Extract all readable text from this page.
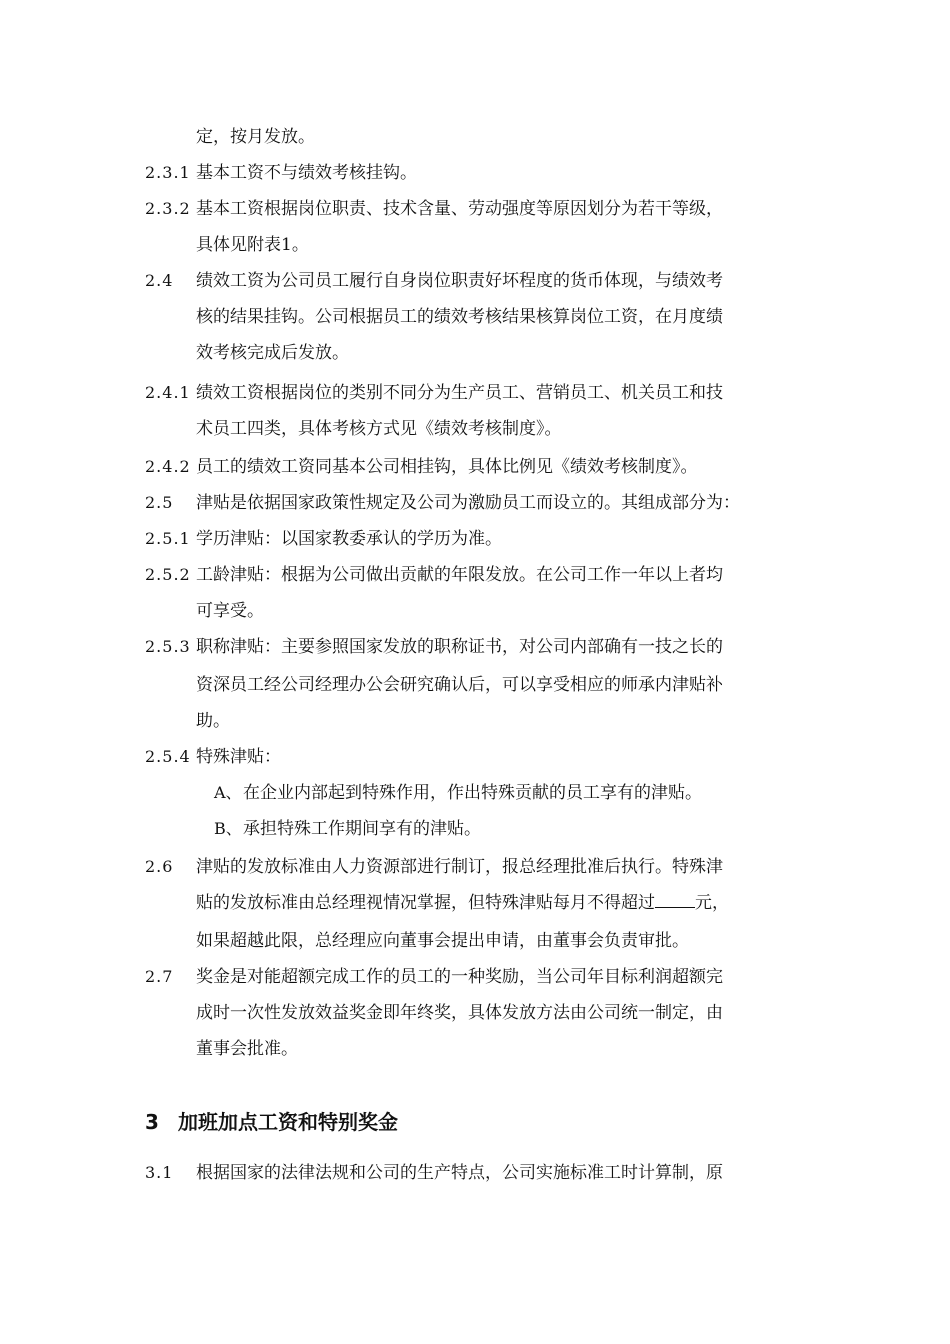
定，按月发放。
2.3.1 基本工资不与绩效考核挂钩。
2.3.2 基本工资根据岗位职责、技术含量、劳动强度等原因划分为若干等级，
具体见附表1。
2.4 绩效工资为公司员工履行自身岗位职责好坏程度的货币体现，与绩效考
核的结果挂钩。公司根据员工的绩效考核结果核算岗位工资，在月度绩
效考核完成后发放。
2.4.1 绩效工资根据岗位的类别不同分为生产员工、营销员工、机关员工和技
术员工四类，具体考核方式见《绩效考核制度》。
2.4.2 员工的绩效工资同基本公司相挂钩，具体比例见《绩效考核制度》。
2.5 津贴是依据国家政策性规定及公司为激励员工而设立的。其组成部分为：
2.5.1 学历津贴：以国家教委承认的学历为准。
2.5.2 工龄津贴：根据为公司做出贡献的年限发放。在公司工作一年以上者均
可享受。
2.5.3 职称津贴：主要参照国家发放的职称证书，对公司内部确有一技之长的
资深员工经公司经理办公会研究确认后，可以享受相应的师承内津贴补
助。
2.5.4 特殊津贴：
A、 在企业内部起到特殊作用，作出特殊贡献的员工享有的津贴。
B、 承担特殊工作期间享有的津贴。
2.6 津贴的发放标准由人力资源部进行制订，报总经理批准后执行。特殊津
贴的发放标准由总经理视情况掌握，但特殊津贴每月不得超过 元，
如果超越此限，总经理应向董事会提出申请，由董事会负责审批。
2.7 奖金是对能超额完成工作的员工的一种奖励，当公司年目标利润超额完
成时一次性发放效益奖金即年终奖，具体发放方法由公司统一制定，由
董事会批准。
3 加班加点工资和特别奖金
3.1 根据国家的法律法规和公司的生产特点，公司实施标准工时计算制，原
